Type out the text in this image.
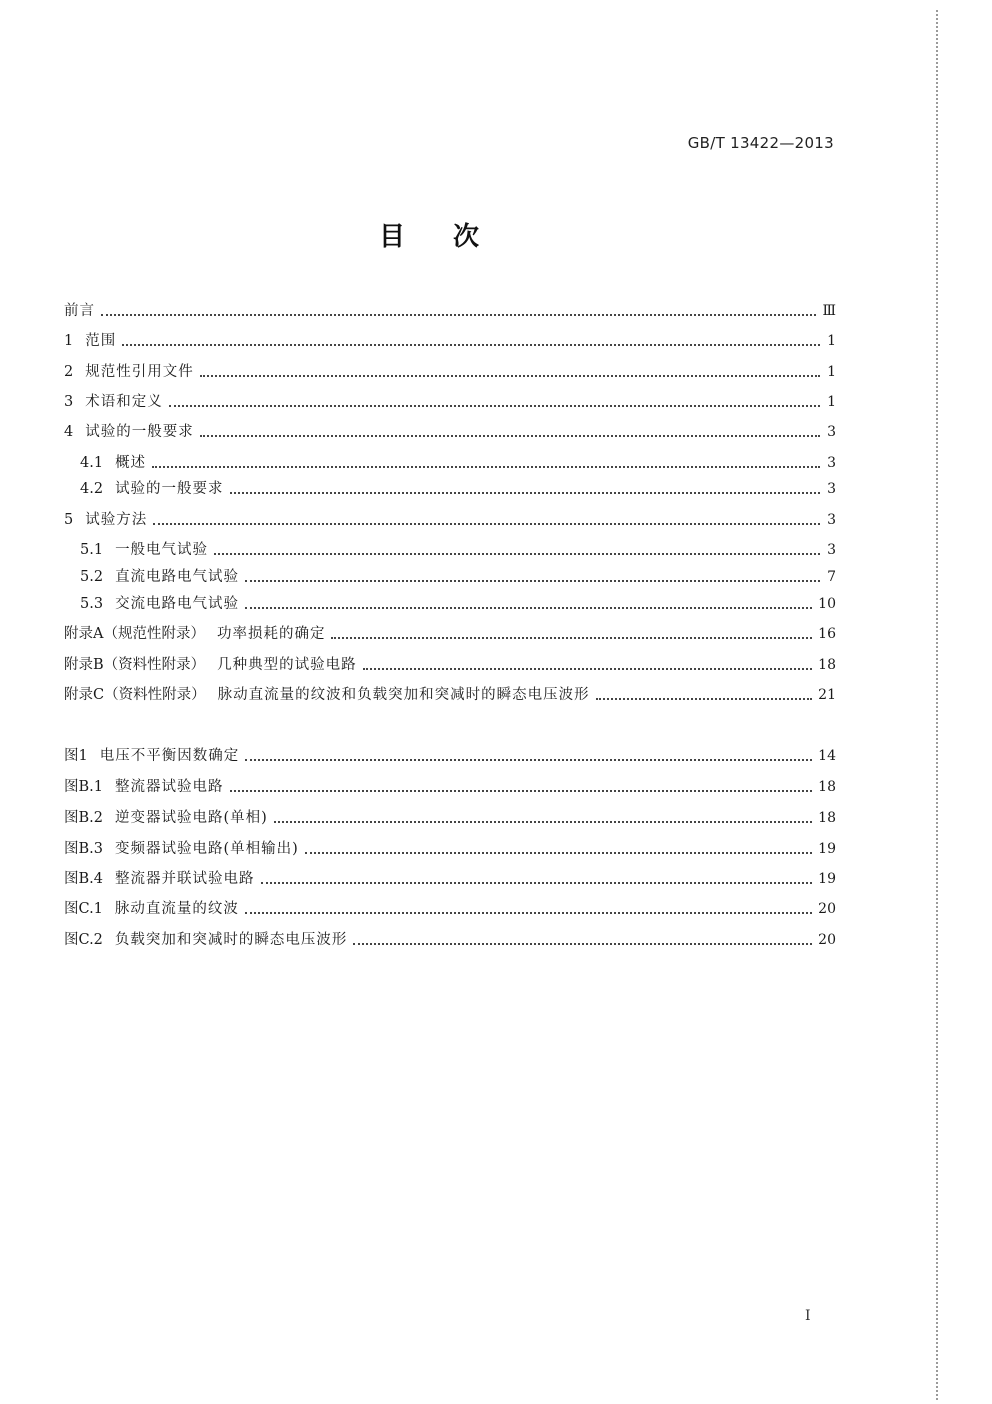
GB/T 13422—2013
目次
前言	Ⅲ
1 范围	1
2 规范性引用文件	1
3 术语和定义	1
4 试验的一般要求	3
4.1 概述	3
4.2 试验的一般要求	3
5 试验方法	3
5.1 一般电气试验	3
5.2 直流电路电气试验	7
5.3 交流电路电气试验	10
附录A（规范性附录） 功率损耗的确定	16
附录B（资料性附录） 几种典型的试验电路	18
附录C（资料性附录） 脉动直流量的纹波和负载突加和突减时的瞬态电压波形	21
图1 电压不平衡因数确定	14
图B.1 整流器试验电路	18
图B.2 逆变器试验电路(单相)	18
图B.3 变频器试验电路(单相输出)	19
图B.4 整流器并联试验电路	19
图C.1 脉动直流量的纹波	20
图C.2 负载突加和突减时的瞬态电压波形	20
I
